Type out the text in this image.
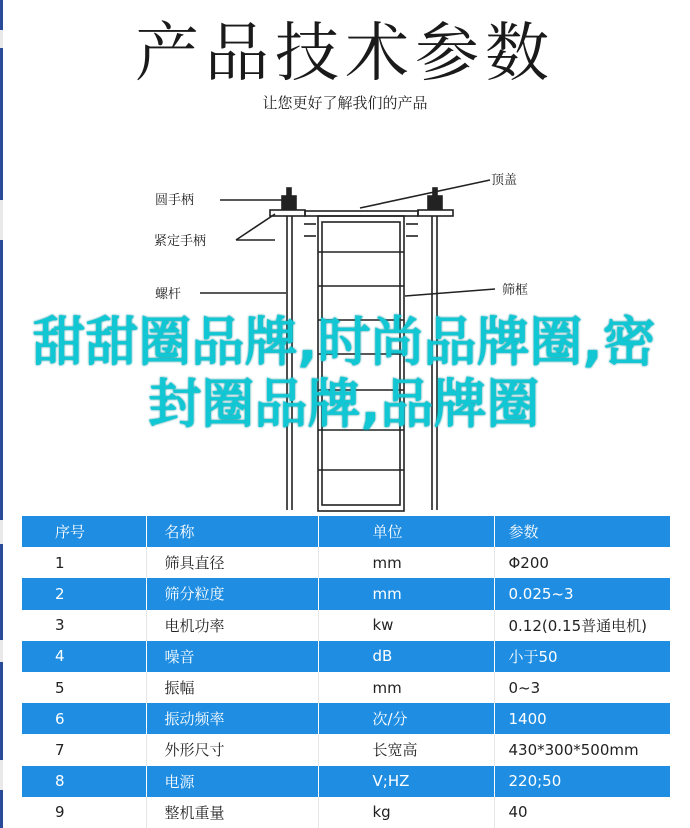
产品技术参数
让您更好了解我们的产品
圆手柄
紧定手柄
螺杆
顶盖
筛框
甜甜圈品牌,时尚品牌圈,密封圈品牌,品牌圈
序号	名称	单位	参数
1	筛具直径	mm	Φ200
2	筛分粒度	mm	0.025~3
3	电机功率	kw	0.12(0.15普通电机)
4	噪音	dB	小于50
5	振幅	mm	0~3
6	振动频率	次/分	1400
7	外形尺寸	长宽高	430*300*500mm
8	电源	V;HZ	220;50
9	整机重量	kg	40
